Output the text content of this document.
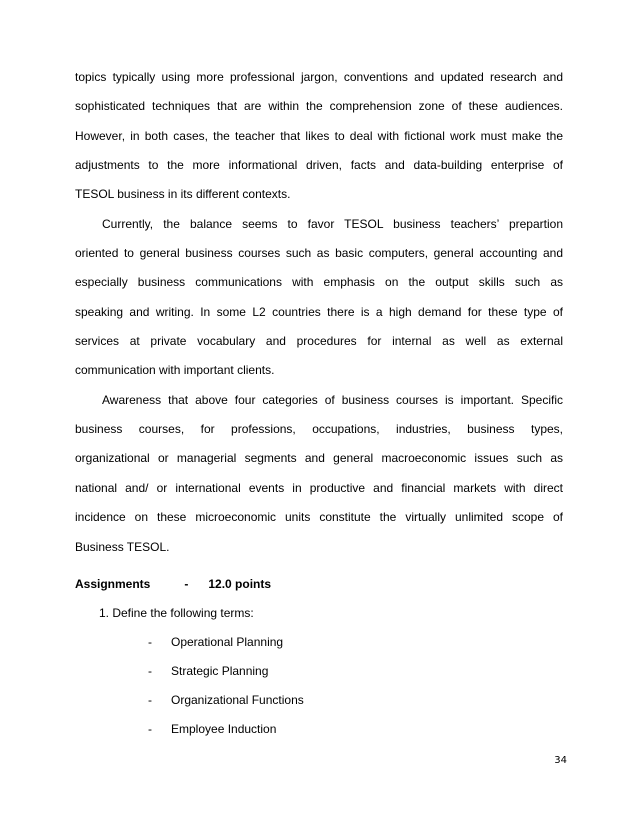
topics typically using more professional jargon, conventions and updated research and
sophisticated techniques that are within the comprehension zone of these audiences.
However, in both cases, the teacher that likes to deal with fictional work must make the
adjustments to the more informational driven, facts and data-building enterprise of
TESOL business in its different contexts.

Currently, the balance seems to favor TESOL business teachers’ prepartion
oriented to general business courses such as basic computers, general accounting and
especially business communications with emphasis on the output skills such as
speaking and writing. In some L2 countries there is a high demand for these type of
services at private vocabulary and procedures for internal as well as external
communication with important clients.

Awareness that above four categories of business courses is important. Specific
business courses, for professions, occupations, industries, business types,
organizational or managerial segments and general macroeconomic issues such as
national and/ or international events in productive and financial markets with direct
incidence on these microeconomic units constitute the virtually unlimited scope of
Business TESOL.

Assignments	- 12.0 points

1. Define the following terms:

- Operational Planning
- Strategic Planning
- Organizational Functions
- Employee Induction
34
